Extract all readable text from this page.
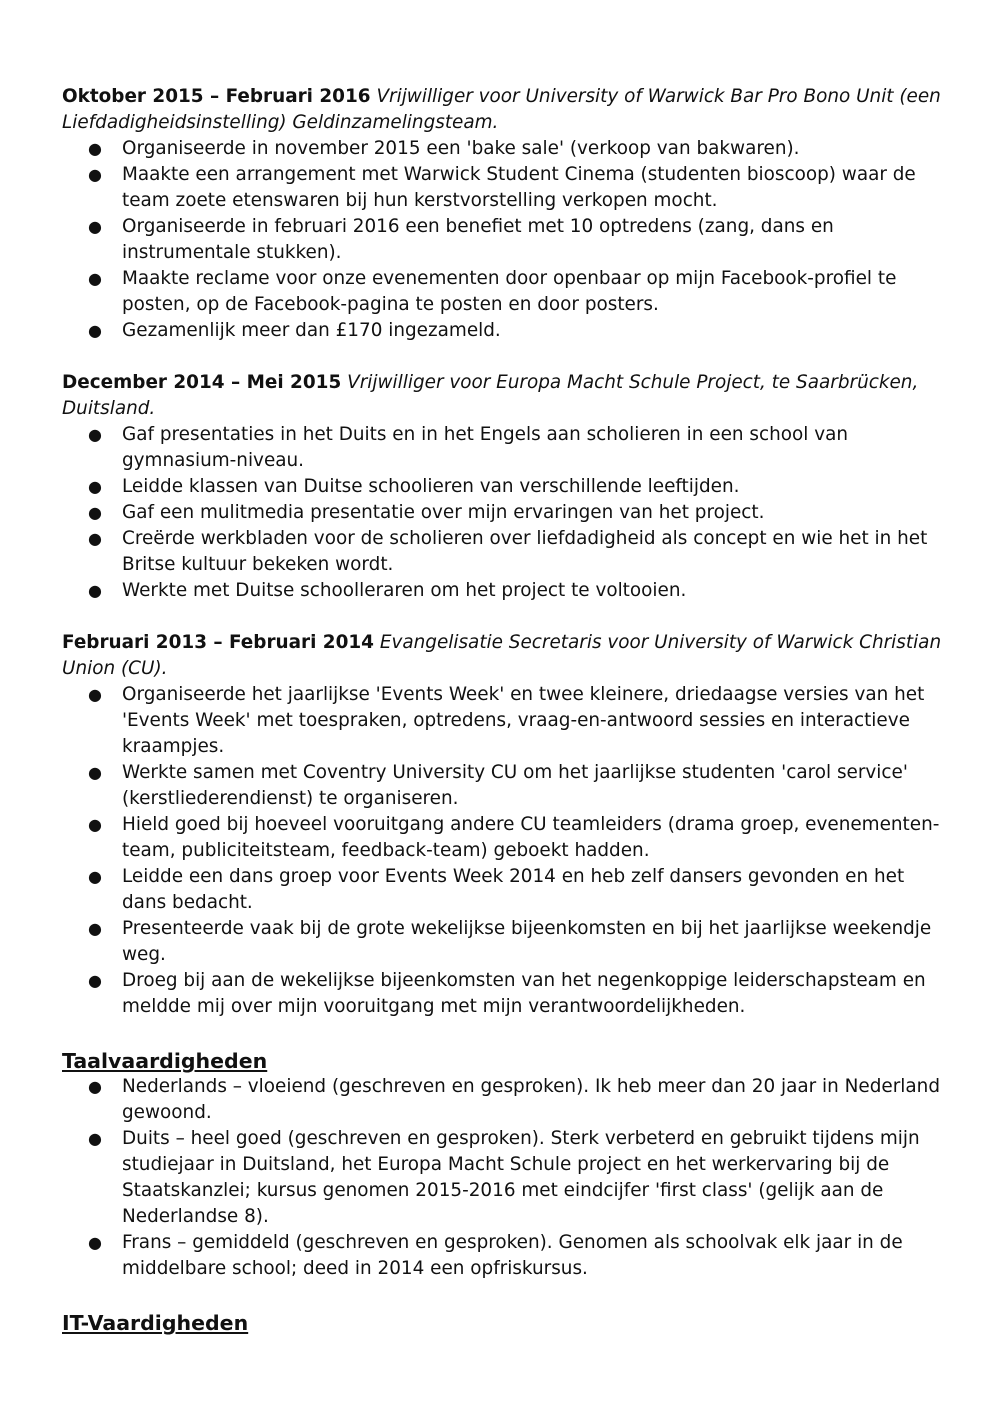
Oktober 2015 – Februari 2016 Vrijwilliger voor University of Warwick Bar Pro Bono Unit (een Liefdadigheidsinstelling) Geldinzamelingsteam.

● Organiseerde in november 2015 een 'bake sale' (verkoop van bakwaren).
● Maakte een arrangement met Warwick Student Cinema (studenten bioscoop) waar de team zoete etenswaren bij hun kerstvorstelling verkopen mocht.
● Organiseerde in februari 2016 een benefiet met 10 optredens (zang, dans en instrumentale stukken).
● Maakte reclame voor onze evenementen door openbaar op mijn Facebook-profiel te posten, op de Facebook-pagina te posten en door posters.
● Gezamenlijk meer dan £170 ingezameld.

December 2014 – Mei 2015 Vrijwilliger voor Europa Macht Schule Project, te Saarbrücken, Duitsland.

● Gaf presentaties in het Duits en in het Engels aan scholieren in een school van gymnasium-niveau.
● Leidde klassen van Duitse schoolieren van verschillende leeftijden.
● Gaf een mulitmedia presentatie over mijn ervaringen van het project.
● Creërde werkbladen voor de scholieren over liefdadigheid als concept en wie het in het Britse kultuur bekeken wordt.
● Werkte met Duitse schoolleraren om het project te voltooien.

Februari 2013 – Februari 2014 Evangelisatie Secretaris voor University of Warwick Christian Union (CU).

● Organiseerde het jaarlijkse 'Events Week' en twee kleinere, driedaagse versies van het 'Events Week' met toespraken, optredens, vraag-en-antwoord sessies en interactieve kraampjes.
● Werkte samen met Coventry University CU om het jaarlijkse studenten 'carol service' (kerstliederendienst) te organiseren.
● Hield goed bij hoeveel vooruitgang andere CU teamleiders (drama groep, evenementen-team, publiciteitsteam, feedback-team) geboekt hadden.
● Leidde een dans groep voor Events Week 2014 en heb zelf dansers gevonden en het dans bedacht.
● Presenteerde vaak bij de grote wekelijkse bijeenkomsten en bij het jaarlijkse weekendje weg.
● Droeg bij aan de wekelijkse bijeenkomsten van het negenkoppige leiderschapsteam en meldde mij over mijn vooruitgang met mijn verantwoordelijkheden.
Taalvaardigheden
● Nederlands – vloeiend (geschreven en gesproken). Ik heb meer dan 20 jaar in Nederland gewoond.
● Duits – heel goed (geschreven en gesproken). Sterk verbeterd en gebruikt tijdens mijn studiejaar in Duitsland, het Europa Macht Schule project en het werkervaring bij de Staatskanzlei; kursus genomen 2015-2016 met eindcijfer 'first class' (gelijk aan de Nederlandse 8).
● Frans – gemiddeld (geschreven en gesproken). Genomen als schoolvak elk jaar in de middelbare school; deed in 2014 een opfriskursus.
IT-Vaardigheden
